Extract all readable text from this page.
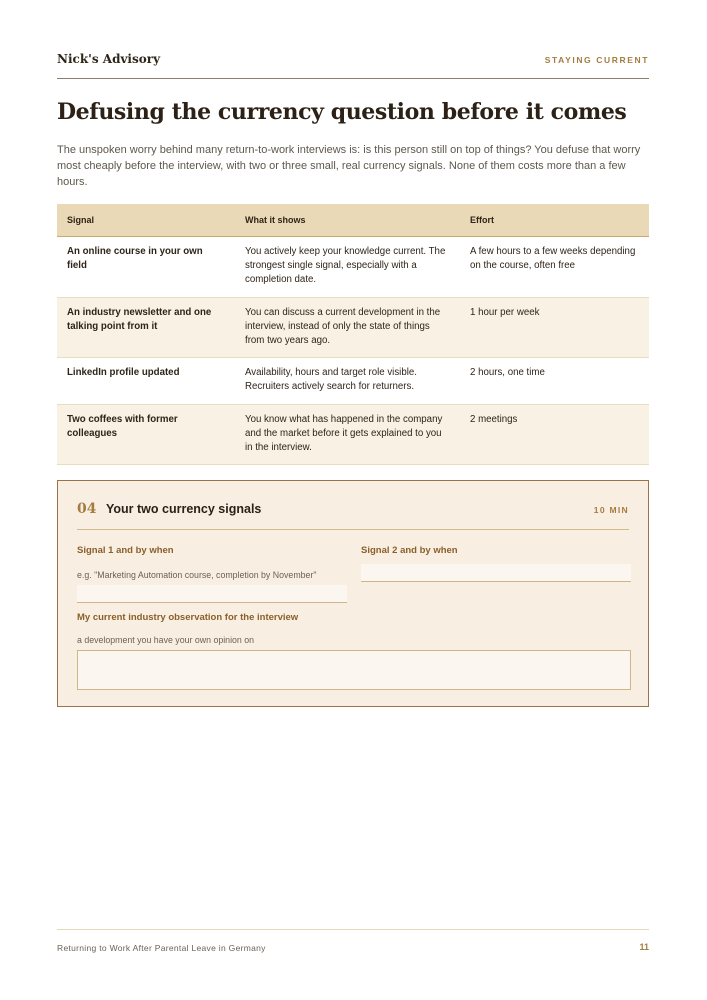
Nick's Advisory	STAYING CURRENT
Defusing the currency question before it comes

The unspoken worry behind many return-to-work interviews is: is this person still on top of things? You defuse that worry most cheaply before the interview, with two or three small, real currency signals. None of them costs more than a few hours.

Signal	What it shows	Effort
An online course in your own field	You actively keep your knowledge current. The strongest single signal, especially with a completion date.	A few hours to a few weeks depending on the course, often free
An industry newsletter and one talking point from it	You can discuss a current development in the interview, instead of only the state of things from two years ago.	1 hour per week
LinkedIn profile updated	Availability, hours and target role visible. Recruiters actively search for returners.	2 hours, one time
Two coffees with former colleagues	You know what has happened in the company and the market before it gets explained to you in the interview.	2 meetings
04 Your two currency signals	10 MIN
Signal 1 and by when
e.g. "Marketing Automation course, completion by November"
Signal 2 and by when
My current industry observation for the interview
a development you have your own opinion on
Returning to Work After Parental Leave in Germany	11
